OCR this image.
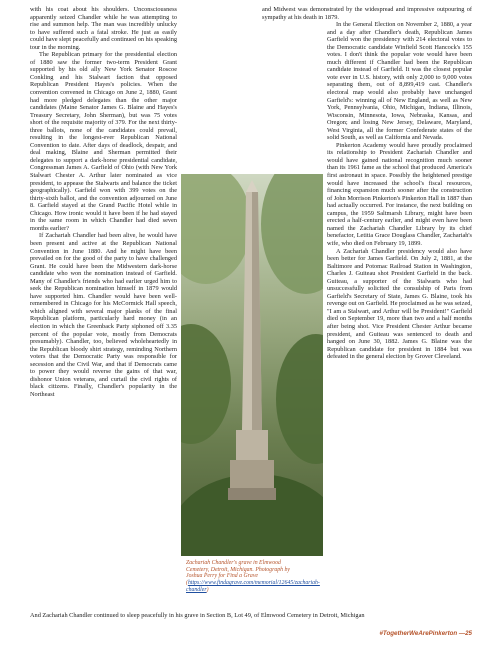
with his coat about his shoulders. Unconsciousness apparently seized Chandler while he was attempting to rise and summon help. The man was incredibly unlucky to have suffered such a fatal stroke. He just as easily could have slept peacefully and continued on his speaking tour in the morning.

The Republican primary for the presidential election of 1880 saw the former two-term President Grant supported by his old ally New York Senator Roscoe Conkling and his Stalwart faction that opposed Republican President Hayes's policies. When the convention convened in Chicago on June 2, 1880, Grant had more pledged delegates than the other major candidates (Maine Senator James G. Blaine and Hayes's Treasury Secretary, John Sherman), but was 75 votes short of the requisite majority of 379. For the next thirty-three ballots, none of the candidates could prevail, resulting in the longest-ever Republican National Convention to date. After days of deadlock, despair, and deal making, Blaine and Sherman permitted their delegates to support a dark-horse presidential candidate, Congressman James A. Garfield of Ohio (with New York Stalwart Chester A. Arthur later nominated as vice president, to appease the Stalwarts and balance the ticket geographically). Garfield won with 399 votes on the thirty-sixth ballot, and the convention adjourned on June 8. Garfield stayed at the Grand Pacific Hotel while in Chicago. How ironic would it have been if he had stayed in the same room in which Chandler had died seven months earlier?

If Zachariah Chandler had been alive, he would have been present and active at the Republican National Convention in June 1880. And he might have been prevailed on for the good of the party to have challenged Grant. He could have been the Midwestern dark-horse candidate who won the nomination instead of Garfield. Many of Chandler's friends who had earlier urged him to seek the Republican nomination himself in 1879 would have supported him. Chandler would have been well-remembered in Chicago for his McCormick Hall speech, which aligned with several major planks of the final Republican platform, particularly hard money (in an election in which the Greenback Party siphoned off 3.35 percent of the popular vote, mostly from Democrats presumably). Chandler, too, believed wholeheartedly in the Republican bloody shirt strategy, reminding Northern voters that the Democratic Party was responsible for secession and the Civil War, and that if Democrats came to power they would reverse the gains of that war, dishonor Union veterans, and curtail the civil rights of black citizens. Finally, Chandler's popularity in the Northeast

and Midwest was demonstrated by the widespread and impressive outpouring of sympathy at his death in 1879.

In the General Election on November 2, 1880, a year and a day after Chandler's death, Republican James Garfield won the presidency with 214 electoral votes to the Democratic candidate Winfield Scott Hancock's 155 votes. I don't think the popular vote would have been much different if Chandler had been the Republican candidate instead of Garfield. It was the closest popular vote ever in U.S. history, with only 2,000 to 9,000 votes separating them, out of 8,899,419 cast. Chandler's electoral map would also probably have unchanged Garfield's: winning all of New England, as well as New York, Pennsylvania, Ohio, Michigan, Indiana, Illinois, Wisconsin, Minnesota, Iowa, Nebraska, Kansas, and Oregon; and losing New Jersey, Delaware, Maryland, West Virginia, all the former Confederate states of the solid South, as well as California and Nevada.

Pinkerton Academy would have proudly proclaimed its relationship to President Zachariah Chandler and would have gained national recognition much sooner than its 1961 fame as the school that produced America's first astronaut in space. Possibly the heightened prestige would have increased the school's fiscal resources, financing expansion much sooner after the construction of John Morrison Pinkerton's Pinkerton Hall in 1887 than had actually occurred. For instance, the next building on campus, the 1959 Saltmarsh Library, might have been erected a half-century earlier, and might even have been named the Zachariah Chandler Library by its chief benefactor, Letitia Grace Douglass Chandler, Zachariah's wife, who died on February 19, 1899.

A Zachariah Chandler presidency would also have been better for James Garfield. On July 2, 1881, at the Baltimore and Potomac Railroad Station in Washington, Charles J. Guiteau shot President Garfield in the back. Guiteau, a supporter of the Stalwarts who had unsuccessfully solicited the consulship of Paris from Garfield's Secretary of State, James G. Blaine, took his revenge out on Garfield. He proclaimed as he was seized, "I am a Stalwart, and Arthur will be President!" Garfield died on September 19, more than two and a half months after being shot. Vice President Chester Arthur became president, and Guiteau was sentenced to death and hanged on June 30, 1882. James G. Blaine was the Republican candidate for president in 1884 but was defeated in the general election by Grover Cleveland.

Zachariah Chandler's grave in Elmwood Cemetery, Detroit, Michigan. Photograph by Joshua Perry for Find a Grave (https://www.findagrave.com/memorial/12645/zachariah-chandler)
And Zachariah Chandler continued to sleep peacefully in his grave in Section B, Lot 49, of Elmwood Cemetery in Detroit, Michigan
#TogetherWeArePinkerton —25
